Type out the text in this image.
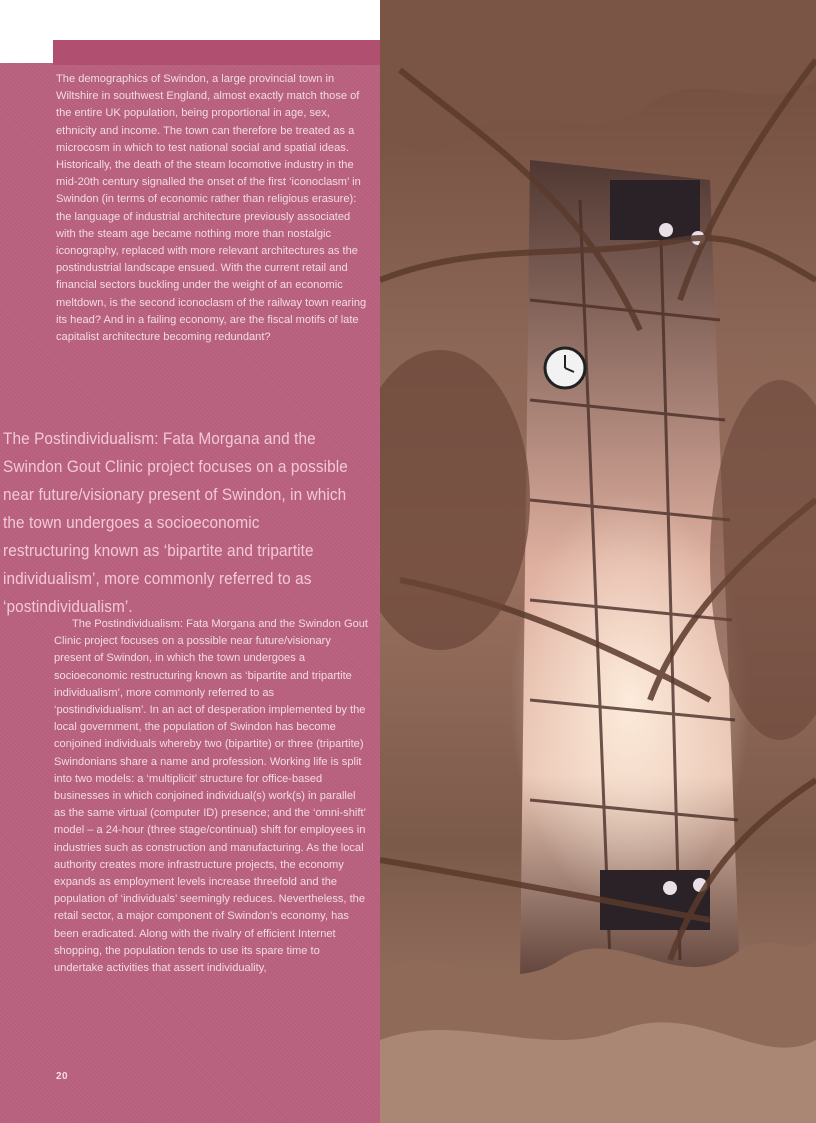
The demographics of Swindon, a large provincial town in Wiltshire in southwest England, almost exactly match those of the entire UK population, being proportional in age, sex, ethnicity and income. The town can therefore be treated as a microcosm in which to test national social and spatial ideas. Historically, the death of the steam locomotive industry in the mid-20th century signalled the onset of the first ‘iconoclasm’ in Swindon (in terms of economic rather than religious erasure): the language of industrial architecture previously associated with the steam age became nothing more than nostalgic iconography, replaced with more relevant architectures as the postindustrial landscape ensued. With the current retail and financial sectors buckling under the weight of an economic meltdown, is the second iconoclasm of the railway town rearing its head? And in a failing economy, are the fiscal motifs of late capitalist architecture becoming redundant?

The Postindividualism: Fata Morgana and the Swindon Gout Clinic project focuses on a possible near future/visionary present of Swindon, in which the town undergoes a socioeconomic restructuring known as ‘bipartite and tripartite individualism’, more commonly referred to as ‘postindividualism’.

The Postindividualism: Fata Morgana and the Swindon Gout Clinic project focuses on a possible near future/visionary present of Swindon, in which the town undergoes a socioeconomic restructuring known as ‘bipartite and tripartite individualism’, more commonly referred to as ‘postindividualism’. In an act of desperation implemented by the local government, the population of Swindon has become conjoined individuals whereby two (bipartite) or three (tripartite) Swindonians share a name and profession. Working life is split into two models: a ‘multiplicit’ structure for office-based businesses in which conjoined individual(s) work(s) in parallel as the same virtual (computer ID) presence; and the ‘omni-shift’ model – a 24-hour (three stage/continual) shift for employees in industries such as construction and manufacturing. As the local authority creates more infrastructure projects, the economy expands as employment levels increase threefold and the population of ‘individuals’ seemingly reduces. Nevertheless, the retail sector, a major component of Swindon’s economy, has been eradicated. Along with the rivalry of efficient Internet shopping, the population tends to use its spare time to undertake activities that assert individuality,

20
